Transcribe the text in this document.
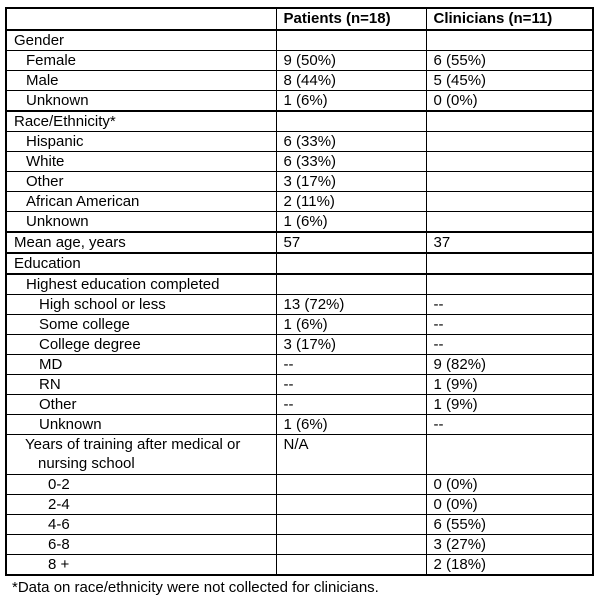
	Patients (n=18)	Clinicians (n=11)
Gender		
Female	9 (50%)	6 (55%)
Male	8 (44%)	5 (45%)
Unknown	1 (6%)	0 (0%)
Race/Ethnicity*		
Hispanic	6 (33%)	
White	6 (33%)	
Other	3 (17%)	
African American	2 (11%)	
Unknown	1 (6%)	
Mean age, years	57	37
Education		
Highest education completed		
High school or less	13 (72%)	--
Some college	1 (6%)	--
College degree	3 (17%)	--
MD	--	9 (82%)
RN	--	1 (9%)
Other	--	1 (9%)
Unknown	1 (6%)	--
Years of training after medical or nursing school	N/A	
0-2		0 (0%)
2-4		0 (0%)
4-6		6 (55%)
6-8		3 (27%)
8 +		2 (18%)
*Data on race/ethnicity were not collected for clinicians.
